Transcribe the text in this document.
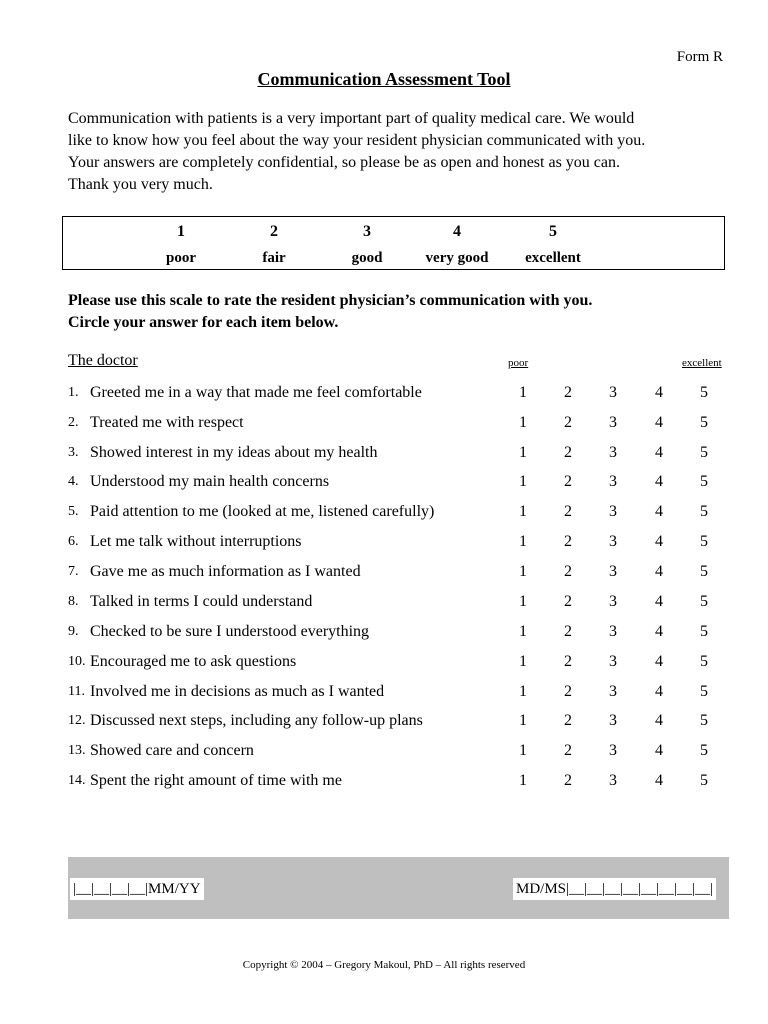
Form R
Communication Assessment Tool
Communication with patients is a very important part of quality medical care. We would
like to know how you feel about the way your resident physician communicated with you.
Your answers are completely confidential, so please be as open and honest as you can.
Thank you very much.
1
poor
2
fair
3
good
4
very good
5
excellent
Please use this scale to rate the resident physician’s communication with you.
Circle your answer for each item below.
The doctor	poor	excellent
1. Greeted me in a way that made me feel comfortable	1	2	3	4	5
2. Treated me with respect	1	2	3	4	5
3. Showed interest in my ideas about my health	1	2	3	4	5
4. Understood my main health concerns	1	2	3	4	5
5. Paid attention to me (looked at me, listened carefully)	1	2	3	4	5
6. Let me talk without interruptions	1	2	3	4	5
7. Gave me as much information as I wanted	1	2	3	4	5
8. Talked in terms I could understand	1	2	3	4	5
9. Checked to be sure I understood everything	1	2	3	4	5
10. Encouraged me to ask questions	1	2	3	4	5
11. Involved me in decisions as much as I wanted	1	2	3	4	5
12. Discussed next steps, including any follow-up plans	1	2	3	4	5
13. Showed care and concern	1	2	3	4	5
14. Spent the right amount of time with me	1	2	3	4	5
|__|__|__|__|MM/YY	MD/MS|__|__|__|__|__|__|__|__|
Copyright © 2004 – Gregory Makoul, PhD – All rights reserved
